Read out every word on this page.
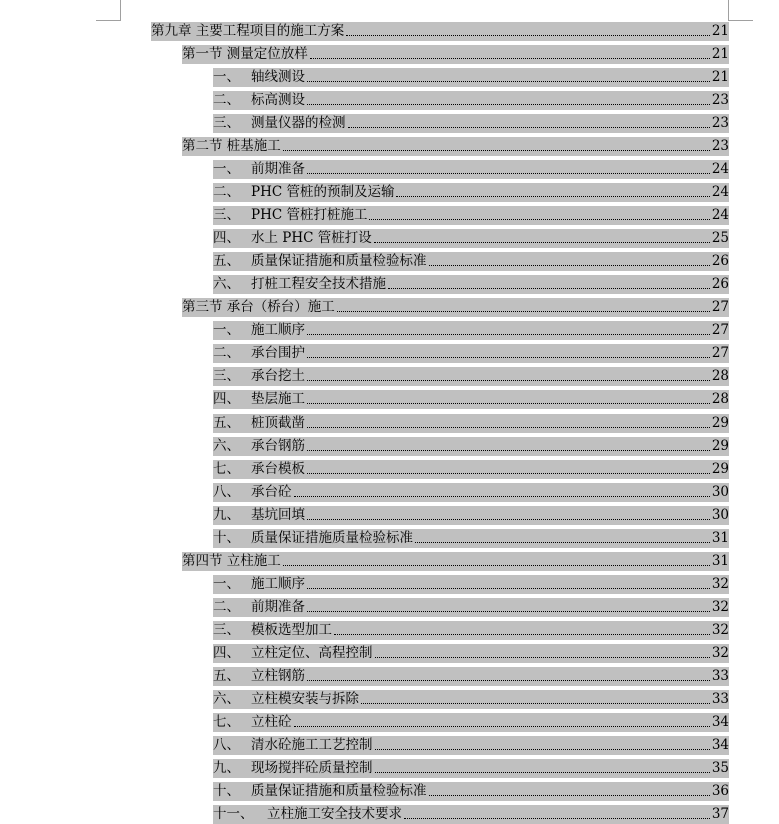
第九章 主要工程项目的施工方案	21
第一节 测量定位放样	21
一、 轴线测设	21
二、 标高测设	23
三、 测量仪器的检测	23
第二节 桩基施工	23
一、 前期准备	24
二、 PHC 管桩的预制及运输	24
三、 PHC 管桩打桩施工	24
四、 水上 PHC 管桩打设	25
五、 质量保证措施和质量检验标准	26
六、 打桩工程安全技术措施	26
第三节 承台（桥台）施工	27
一、 施工顺序	27
二、 承台围护	27
三、 承台挖土	28
四、 垫层施工	28
五、 桩顶截凿	29
六、 承台钢筋	29
七、 承台模板	29
八、 承台砼	30
九、 基坑回填	30
十、 质量保证措施质量检验标准	31
第四节 立柱施工	31
一、 施工顺序	32
二、 前期准备	32
三、 模板选型加工	32
四、 立柱定位、高程控制	32
五、 立柱钢筋	33
六、 立柱模安装与拆除	33
七、 立柱砼	34
八、 清水砼施工工艺控制	34
九、 现场搅拌砼质量控制	35
十、 质量保证措施和质量检验标准	36
十一、	立柱施工安全技术要求	37
